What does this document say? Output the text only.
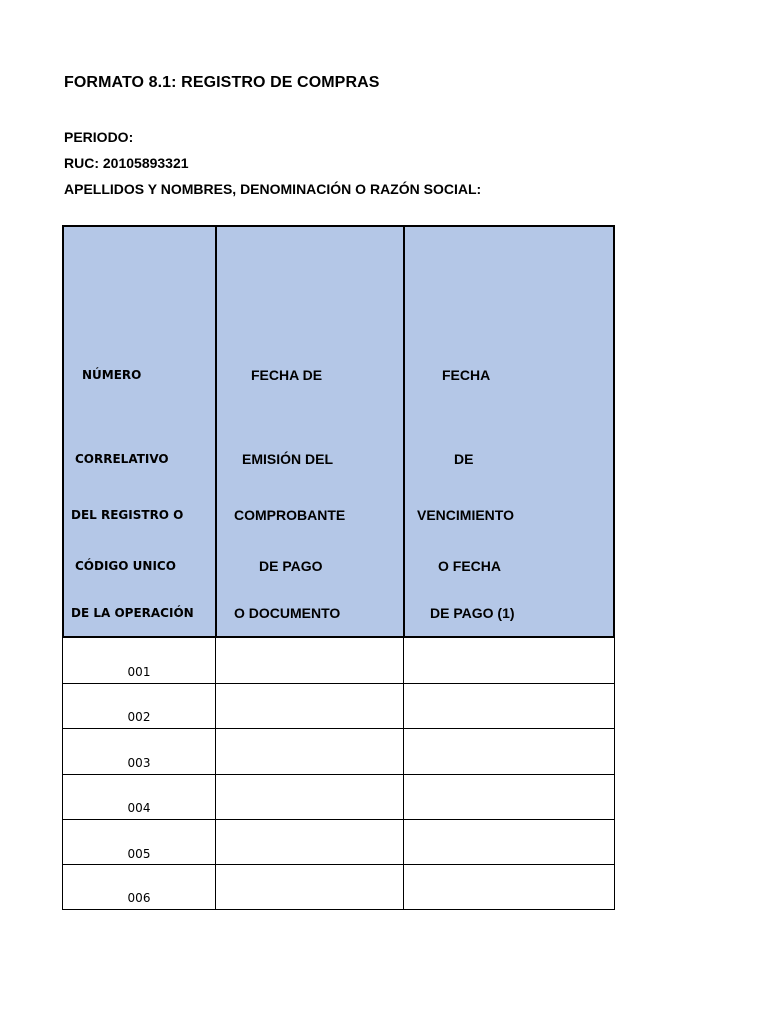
FORMATO 8.1: REGISTRO DE COMPRAS
PERIODO:
RUC: 20105893321
APELLIDOS Y NOMBRES, DENOMINACIÓN O RAZÓN SOCIAL:
NÚMERO
CORRELATIVO
DEL REGISTRO O
CÓDIGO UNICO
DE LA OPERACIÓN
FECHA DE
EMISIÓN DEL
COMPROBANTE
DE PAGO
O DOCUMENTO
FECHA
DE
VENCIMIENTO
O FECHA
DE PAGO (1)
001
002
003
004
005
006
